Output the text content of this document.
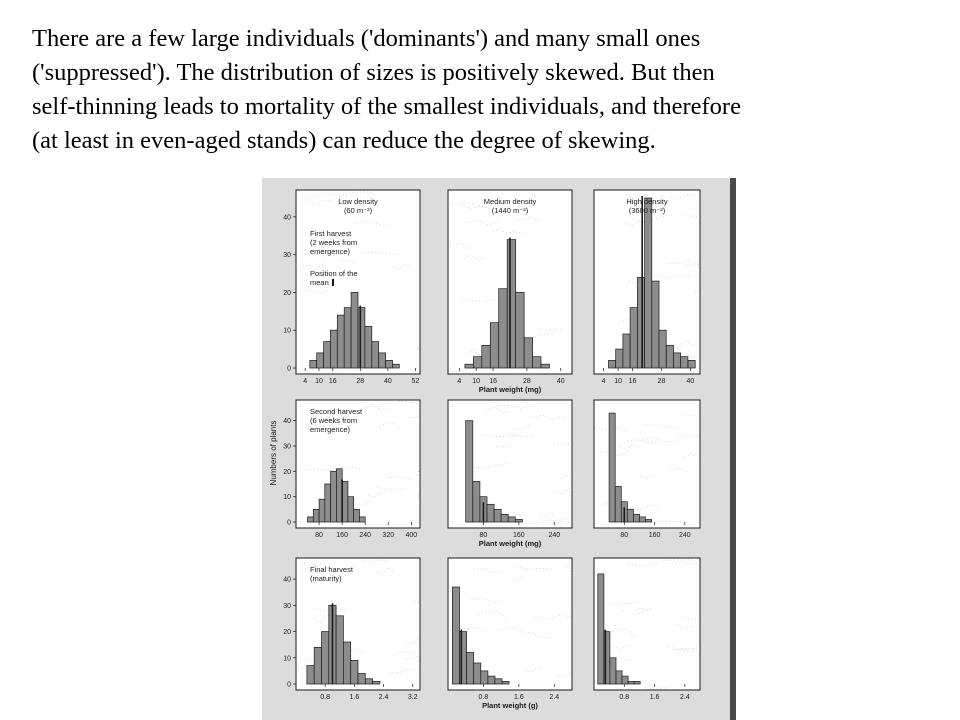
There are a few large individuals ('dominants') and many small ones
('suppressed'). The distribution of sizes is positively skewed. But then
self-thinning leads to mortality of the smallest individuals, and therefore
(at least in even-aged stands) can reduce the degree of skewing.
Numbers of plants
4 10 16	28	40	52
0
10
20
30
40
Low density
(60 m⁻²)
First harvest
(2 weeks from
emergence)
Position of the
mean
4 10 16	28	40
Medium density
(1440 m⁻²)
Plant weight (mg)
4 10 16	28	40
High density
(3600 m⁻²)
80 160 240 320 400
0
10
20
30
40
Second harvest
(6 weeks from
emergence)
80	160	240
Plant weight (mg)
80	160	240
0.8	1.6	2.4	3.2
0
10
20
30
40
Final harvest
(maturity)
0.8	1.6	2.4
Plant weight (g)
0.8	1.6	2.4
